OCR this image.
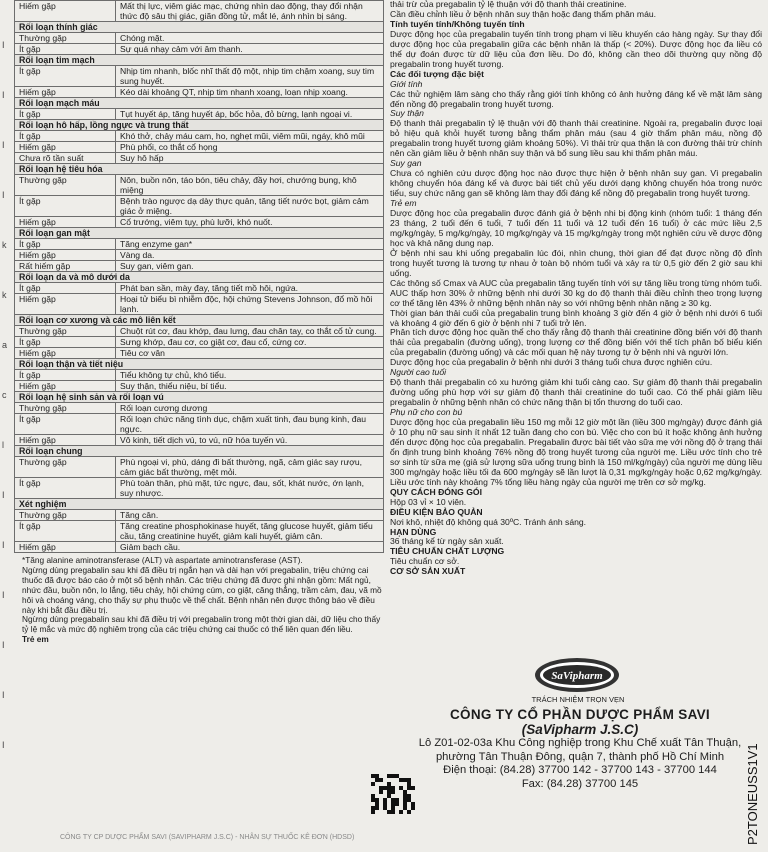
I
I
I
I
k
k
a
c
l
I
I
I
I
I
I
Hiếm gặp	Mất thị lực, viêm giác mạc, chứng nhìn dao động, thay đổi nhận thức độ sâu thị giác, giãn đồng tử, mắt lé, ánh nhìn bị sáng.
Rối loạn thính giác	
Thường gặp	Chóng mặt.
Ít gặp	Sự quá nhạy cảm với âm thanh.
Rối loạn tim mạch	
Ít gặp	Nhịp tim nhanh, blốc nhĩ thất độ một, nhịp tim chậm xoang, suy tim sung huyết.
Hiếm gặp	Kéo dài khoảng QT, nhịp tim nhanh xoang, loạn nhịp xoang.
Rối loạn mạch máu	
Ít gặp	Tụt huyết áp, tăng huyết áp, bốc hỏa, đỏ bừng, lạnh ngoại vi.
Rối loạn hô hấp, lồng ngực và trung thất	
Ít gặp	Khó thở, chảy máu cam, ho, nghẹt mũi, viêm mũi, ngáy, khô mũi
Hiếm gặp	Phù phổi, co thắt cổ họng
Chưa rõ tần suất	Suy hô hấp
Rối loạn hệ tiêu hóa	
Thường gặp	Nôn, buồn nôn, táo bón, tiêu chảy, đầy hơi, chướng bụng, khô miệng
Ít gặp	Bệnh trào ngược dạ dày thực quản, tăng tiết nước bọt, giảm cảm giác ở miệng.
Hiếm gặp	Cổ trướng, viêm tụy, phù lưỡi, khó nuốt.
Rối loạn gan mật	
Ít gặp	Tăng enzyme gan*
Hiếm gặp	Vàng da.
Rất hiếm gặp	Suy gan, viêm gan.
Rối loạn da và mô dưới da	
Ít gặp	Phát ban sần, mày đay, tăng tiết mồ hôi, ngứa.
Hiếm gặp	Hoại tử biểu bì nhiễm độc, hội chứng Stevens Johnson, đổ mồ hôi lạnh.
Rối loạn cơ xương và các mô liên kết	
Thường gặp	Chuột rút cơ, đau khớp, đau lưng, đau chân tay, co thắt cổ tử cung.
Ít gặp	Sưng khớp, đau cơ, co giật cơ, đau cổ, cứng cơ.
Hiếm gặp	Tiêu cơ vân
Rối loạn thận và tiết niệu	
Ít gặp	Tiểu không tự chủ, khó tiểu.
Hiếm gặp	Suy thận, thiểu niệu, bí tiểu.
Rối loạn hệ sinh sản và rối loạn vú	
Thường gặp	Rối loạn cương dương
Ít gặp	Rối loạn chức năng tình dục, chậm xuất tinh, đau bụng kinh, đau ngực.
Hiếm gặp	Vô kinh, tiết dịch vú, to vú, nữ hóa tuyến vú.
Rối loạn chung	
Thường gặp	Phù ngoại vi, phù, dáng đi bất thường, ngã, cảm giác say rượu, cảm giác bất thường, mệt mỏi.
Ít gặp	Phù toàn thân, phù mặt, tức ngực, đau, sốt, khát nước, ớn lạnh, suy nhược.
Xét nghiệm	
Thường gặp	Tăng cân.
Ít gặp	Tăng creatine phosphokinase huyết, tăng glucose huyết, giảm tiểu cầu, tăng creatinine huyết, giảm kali huyết, giảm cân.
Hiếm gặp	Giảm bạch cầu.

*Tăng alanine aminotransferase (ALT) và aspartate aminotransferase (AST).

Ngừng dùng pregabalin sau khi đã điều trị ngắn hạn và dài hạn với pregabalin, triệu chứng cai thuốc đã được báo cáo ở một số bệnh nhân. Các triệu chứng đã được ghi nhận gồm: Mất ngủ, nhức đầu, buồn nôn, lo lắng, tiêu chảy, hội chứng cúm, co giật, căng thẳng, trầm cảm, đau, vã mồ hôi và choáng váng, cho thấy sự phụ thuộc về thể chất. Bệnh nhân nên được thông báo về điều này khi bắt đầu điều trị.

Ngừng dùng pregabalin sau khi đã điều trị với pregabalin trong một thời gian dài, dữ liệu cho thấy tỷ lệ mắc và mức độ nghiêm trọng của các triệu chứng cai thuốc có thể liên quan đến liều.

Trẻ em

thải trừ của pregabalin tỷ lệ thuận với độ thanh thải creatinine.

Cần điều chỉnh liều ở bệnh nhân suy thận hoặc đang thẩm phân máu.

Tính tuyến tính/Không tuyến tính

Dược động học của pregabalin tuyến tính trong phạm vi liều khuyến cáo hàng ngày. Sự thay đổi dược động học của pregabalin giữa các bệnh nhân là thấp (< 20%). Dược động học đa liều có thể dự đoán được từ dữ liệu của đơn liều. Do đó, không cần theo dõi thường quy nồng độ pregabalin trong huyết tương.

Các đối tượng đặc biệt

Giới tính

Các thử nghiệm lâm sàng cho thấy rằng giới tính không có ảnh hưởng đáng kể về mặt lâm sàng đến nồng độ pregabalin trong huyết tương.

Suy thận

Độ thanh thải pregabalin tỷ lệ thuận với độ thanh thải creatinine. Ngoài ra, pregabalin được loại bỏ hiệu quả khỏi huyết tương bằng thẩm phân máu (sau 4 giờ thẩm phân máu, nồng độ pregabalin trong huyết tương giảm khoảng 50%). Vì thải trừ qua thận là con đường thải trừ chính nên cần giảm liều ở bệnh nhân suy thận và bổ sung liều sau khi thẩm phân máu.

Suy gan

Chưa có nghiên cứu dược động học nào được thực hiện ở bệnh nhân suy gan. Vì pregabalin không chuyển hóa đáng kể và được bài tiết chủ yếu dưới dạng không chuyển hóa trong nước tiểu, suy chức năng gan sẽ không làm thay đổi đáng kể nồng độ pregabalin trong huyết tương.

Trẻ em

Dược động học của pregabalin được đánh giá ở bệnh nhi bị động kinh (nhóm tuổi: 1 tháng đến 23 tháng, 2 tuổi đến 6 tuổi, 7 tuổi đến 11 tuổi và 12 tuổi đến 16 tuổi) ở các mức liều 2,5 mg/kg/ngày, 5 mg/kg/ngày, 10 mg/kg/ngày và 15 mg/kg/ngày trong một nghiên cứu về dược động học và khả năng dung nạp.

Ở bệnh nhi sau khi uống pregabalin lúc đói, nhìn chung, thời gian để đạt được nồng độ đỉnh trong huyết tương là tương tự nhau ở toàn bộ nhóm tuổi và xảy ra từ 0,5 giờ đến 2 giờ sau khi uống.

Các thông số Cmax và AUC của pregabalin tăng tuyến tính với sự tăng liều trong từng nhóm tuổi. AUC thấp hơn 30% ở những bệnh nhi dưới 30 kg do độ thanh thải điều chỉnh theo trọng lượng cơ thể tăng lên 43% ở những bệnh nhân này so với những bệnh nhân nặng ≥ 30 kg.

Thời gian bán thải cuối của pregabalin trung bình khoảng 3 giờ đến 4 giờ ở bệnh nhi dưới 6 tuổi và khoảng 4 giờ đến 6 giờ ở bệnh nhi 7 tuổi trở lên.

Phân tích dược động học quần thể cho thấy rằng độ thanh thải creatinine đồng biến với độ thanh thải của pregabalin (đường uống), trọng lượng cơ thể đồng biến với thể tích phân bố biểu kiến của pregabalin (đường uống) và các mối quan hệ này tương tự ở bệnh nhi và người lớn.

Dược động học của pregabalin ở bệnh nhi dưới 3 tháng tuổi chưa được nghiên cứu.

Người cao tuổi

Độ thanh thải pregabalin có xu hướng giảm khi tuổi càng cao. Sự giảm độ thanh thải pregabalin đường uống phù hợp với sự giảm độ thanh thải creatinine do tuổi cao. Có thể phải giảm liều pregabalin ở những bệnh nhân có chức năng thận bị tổn thương do tuổi cao.

Phụ nữ cho con bú

Dược động học của pregabalin liều 150 mg mỗi 12 giờ một lần (liều 300 mg/ngày) được đánh giá ở 10 phụ nữ sau sinh ít nhất 12 tuần đang cho con bú. Việc cho con bú ít hoặc không ảnh hưởng đến dược động học của pregabalin. Pregabalin được bài tiết vào sữa mẹ với nồng độ ở trạng thái ổn định trung bình khoảng 76% nồng độ trong huyết tương của người mẹ. Liều ước tính cho trẻ sơ sinh từ sữa mẹ (giả sử lượng sữa uống trung bình là 150 ml/kg/ngày) của người mẹ dùng liều 300 mg/ngày hoặc liều tối đa 600 mg/ngày sẽ lần lượt là 0,31 mg/kg/ngày hoặc 0,62 mg/kg/ngày. Liều ước tính này khoảng 7% tổng liều hàng ngày của người mẹ trên cơ sở mg/kg.

QUY CÁCH ĐÓNG GÓI

Hộp 03 vỉ × 10 viên.

ĐIỀU KIỆN BẢO QUẢN

Nơi khô, nhiệt độ không quá 30ºC. Tránh ánh sáng.

HẠN DÙNG

36 tháng kể từ ngày sản xuất.

TIÊU CHUẨN CHẤT LƯỢNG

Tiêu chuẩn cơ sở.

CƠ SỞ SẢN XUẤT

SaVipharm
TRÁCH NHIỆM TRỌN VẸN
CÔNG TY CỔ PHẦN DƯỢC PHẨM SAVI
(SaVipharm J.S.C)
Lô Z01-02-03a Khu Công nghiệp trong Khu Chế xuất Tân Thuận,
phường Tân Thuận Đông, quận 7, thành phố Hồ Chí Minh
Điện thoại: (84.28) 37700 142 - 37700 143 - 37700 144
Fax: (84.28) 37700 145	P2TONEUSS1V1
CÔNG TY CP DƯỢC PHẨM SAVI (SAVIPHARM J.S.C) - NHÂN SỰ THUỐC KÊ ĐƠN (HDSD)
